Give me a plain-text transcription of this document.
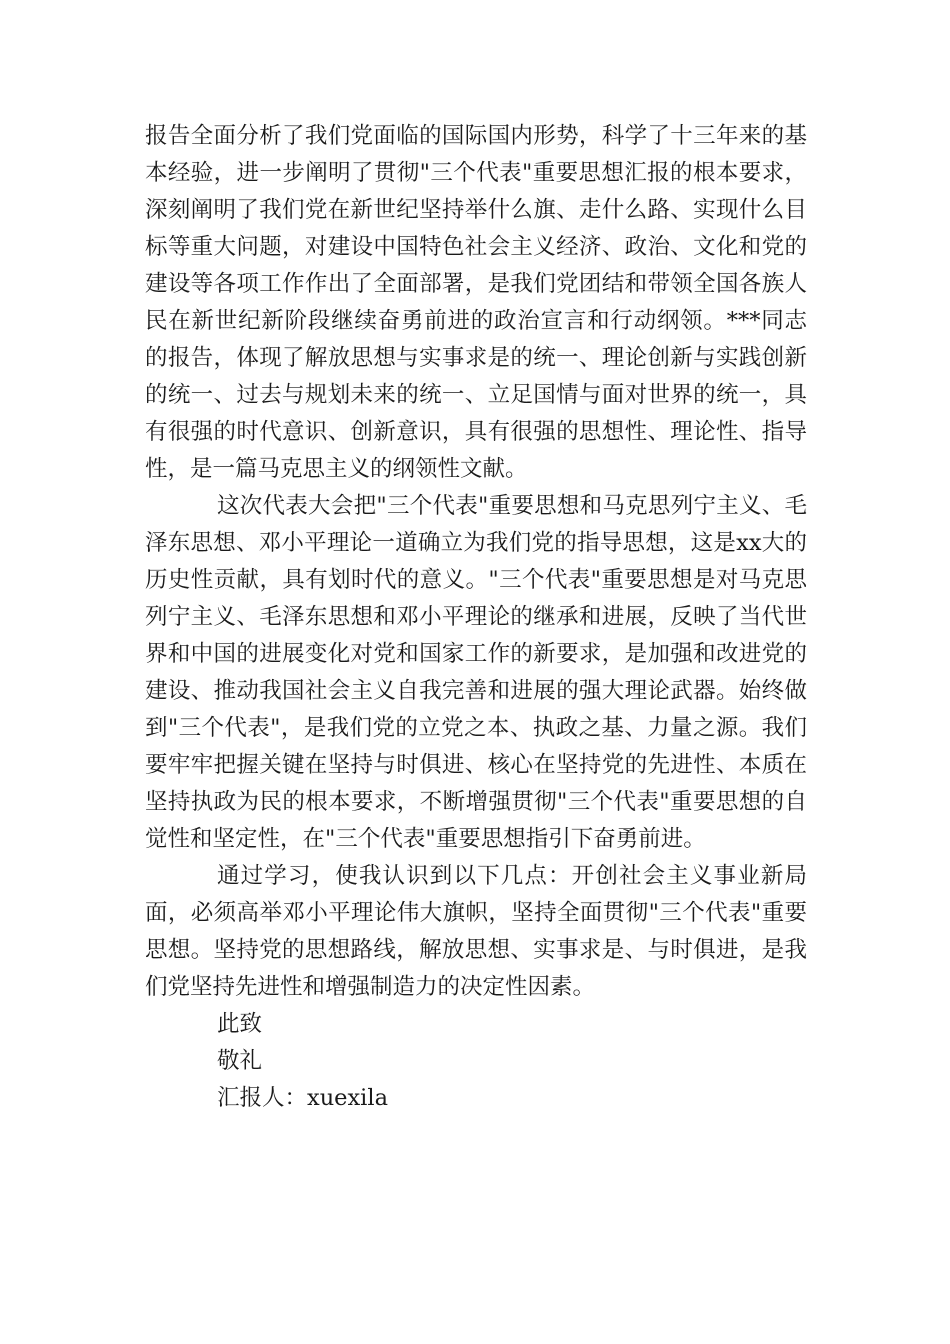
报告全面分析了我们党面临的国际国内形势，科学了十三年来的基本经验，进一步阐明了贯彻"三个代表"重要思想汇报的根本要求，深刻阐明了我们党在新世纪坚持举什么旗、走什么路、实现什么目标等重大问题，对建设中国特色社会主义经济、政治、文化和党的建设等各项工作作出了全面部署，是我们党团结和带领全国各族人民在新世纪新阶段继续奋勇前进的政治宣言和行动纲领。***同志的报告，体现了解放思想与实事求是的统一、理论创新与实践创新的统一、过去与规划未来的统一、立足国情与面对世界的统一，具有很强的时代意识、创新意识，具有很强的思想性、理论性、指导性，是一篇马克思主义的纲领性文献。

这次代表大会把"三个代表"重要思想和马克思列宁主义、毛泽东思想、邓小平理论一道确立为我们党的指导思想，这是xx大的历史性贡献，具有划时代的意义。"三个代表"重要思想是对马克思列宁主义、毛泽东思想和邓小平理论的继承和进展，反映了当代世界和中国的进展变化对党和国家工作的新要求，是加强和改进党的建设、推动我国社会主义自我完善和进展的强大理论武器。始终做到"三个代表"，是我们党的立党之本、执政之基、力量之源。我们要牢牢把握关键在坚持与时俱进、核心在坚持党的先进性、本质在坚持执政为民的根本要求，不断增强贯彻"三个代表"重要思想的自觉性和坚定性，在"三个代表"重要思想指引下奋勇前进。

通过学习，使我认识到以下几点：开创社会主义事业新局面，必须高举邓小平理论伟大旗帜，坚持全面贯彻"三个代表"重要思想。坚持党的思想路线，解放思想、实事求是、与时俱进，是我们党坚持先进性和增强制造力的决定性因素。

此致

敬礼

汇报人：xuexila
